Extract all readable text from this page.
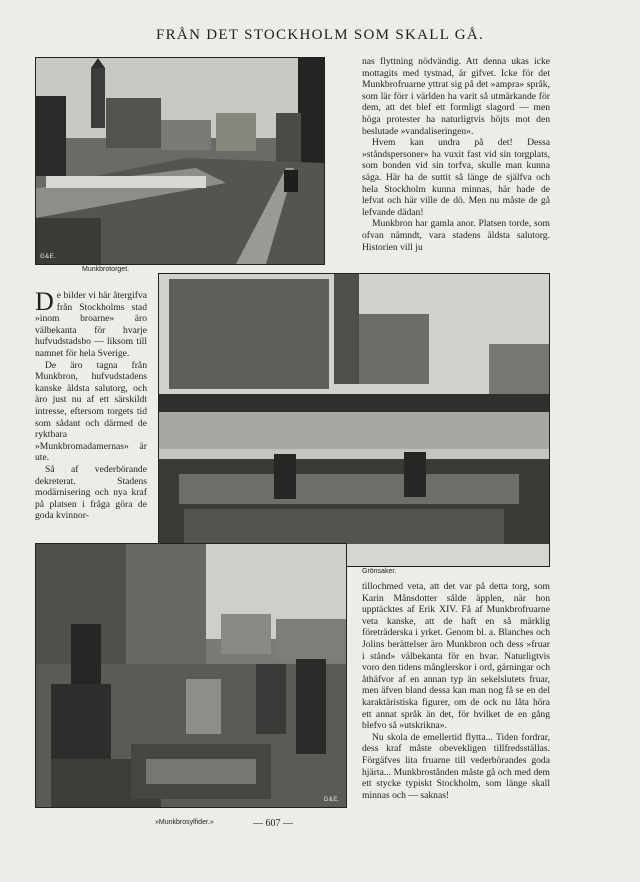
FRÅN DET STOCKHOLM SOM SKALL GÅ.
G&E.
Munkbrotorget.

nas flyttning nödvändig. Att denna ukas icke mottagits med tystnad, är gifvet. Icke för det Munkbrofruarne yttrat sig på det »ampra» språk, som lär förr i världen ha varit så utmärkande för dem, att det blef ett formligt slagord — men höga protester ha naturligtvis höjts mot den beslutade »vandaliseringen».

Hvem kan undra på det! Dessa »ståndspersoner» ha vuxit fast vid sin torgplats, som bonden vid sin torfva, skulle man kunna säga. Här ha de suttit så länge de själfva och hela Stockholm kunna minnas, här hade de lefvat och här ville de dö. Men nu måste de gå lefvande dädan!

Munkbron har gamla anor. Platsen torde, som ofvan nämndt, vara stadens äldsta salutorg. Historien vill ju

D e bilder vi här återgifva från Stockholms stad »inom broarne» äro välbekanta för hvarje hufvudstadsbo — liksom till namnet för hela Sverige.

De äro tagna från Munkbron, hufvudstadens kanske äldsta salutorg, och äro just nu af ett särskildt intresse, eftersom torgets tid som sådant och därmed de ryktbara »Munkbromadamernas» är ute.

Så af vederbörande dekreterat. Stadens modärnisering och nya kraf på platsen i fråga göra de goda kvinnor-

Grönsaker.
G&E.
»Munkbrosylfider.»

tillochmed veta, att det var på detta torg, som Karin Månsdotter sålde äpplen, när hon upptäcktes af Erik XIV. Få af Munkbrofruarne veta kanske, att de haft en så märklig företräderska i yrket. Genom bl. a. Blanches och Jolins berättelser äro Munkbron och dess »fruar i stånd» välbekanta för en hvar. Naturligtvis voro den tidens månglerskor i ord, gärningar och åthäfvor af en annan typ än sekelslutets fruar, men äfven bland dessa kan man nog få se en del karaktäristiska figurer, om de ock nu låta höra ett annat språk än det, för hvilket de en gång blefvo så »utskrikna».

Nu skola de emellertid flytta... Tiden fordrar, dess kraf måste obevekligen tillfredsställas. Förgäfves lita fruarne till vederbörandes goda hjärta... Munkbrostånden måste gå och med dem ett stycke typiskt Stockholm, som länge skall minnas och — saknas!

— 607 —
